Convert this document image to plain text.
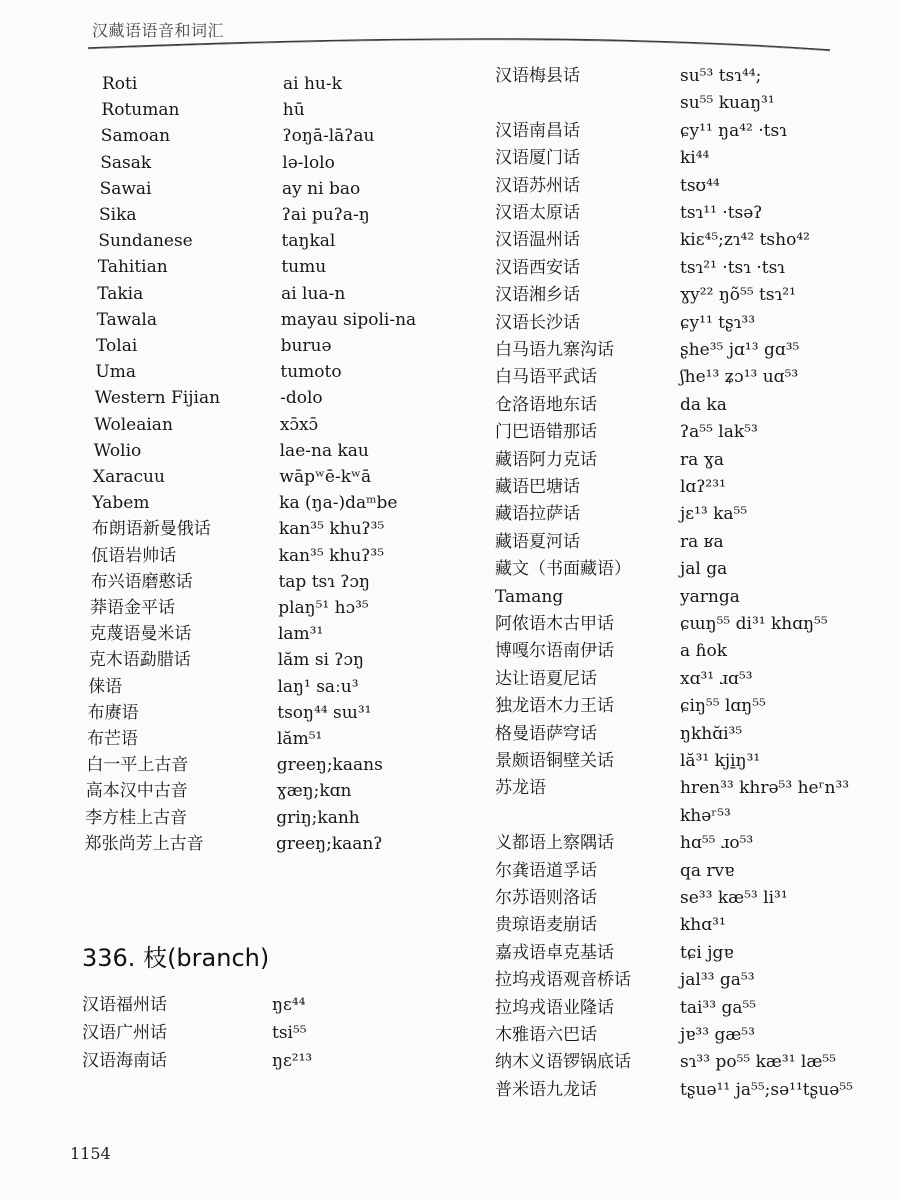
汉藏语语音和词汇
Roti	ai hu-k
Rotuman	hū
Samoan	ʔoŋā-lāʔau
Sasak	lə-lolo
Sawai	ay ni bao
Sika	ʔai puʔa-ŋ
Sundanese	taŋkal
Tahitian	tumu
Takia	ai lua-n
Tawala	mayau sipoli-na
Tolai	buruə
Uma	tumoto
Western Fijian	-dolo
Woleaian	xɔ̄xɔ̄
Wolio	lae-na kau
Xaracuu	wāpʷē-kʷā
Yabem	ka (ŋa-)daᵐbe
布朗语新曼俄话	kan³⁵ khuʔ³⁵
佤语岩帅话	kan³⁵ khuʔ³⁵
布兴语磨憨话	tap tsɿ ʔɔŋ
莽语金平话	plaŋ⁵¹ hɔ³⁵
克蔑语曼米话	lam³¹
克木语勐腊话	lăm si ʔɔŋ
俫语	laŋ¹ saːu³
布赓语	tsoŋ⁴⁴ sɯ³¹
布芒语	lăm⁵¹
白一平上古音	greeŋ;kaans
高本汉中古音	ɣæŋ;kɑn
李方桂上古音	griŋ;kanh
郑张尚芳上古音	greeŋ;kaanʔ
336. 枝(branch)
汉语福州话	ŋɛ⁴⁴
汉语广州话	tsi⁵⁵
汉语海南话	ŋɛ²¹³
汉语梅县话	su⁵³ tsɿ⁴⁴;
su⁵⁵ kuaŋ³¹
汉语南昌话	ɕy¹¹ ŋa⁴² ·tsɿ
汉语厦门话	ki⁴⁴
汉语苏州话	tsʊ⁴⁴
汉语太原话	tsɿ¹¹ ·tsəʔ
汉语温州话	kiɛ⁴⁵;zɿ⁴² tsho⁴²
汉语西安话	tsɿ²¹ ·tsɿ ·tsɿ
汉语湘乡话	ɣy²² ŋõ⁵⁵ tsɿ²¹
汉语长沙话	ɕy¹¹ tʂɿ³³
白马语九寨沟话	ʂhe³⁵ jɑ¹³ gɑ³⁵
白马语平武话	ʃhe¹³ ʑɔ¹³ uɑ⁵³
仓洛语地东话	da ka
门巴语错那话	ʔa⁵⁵ lak⁵³
藏语阿力克话	ra ɣa
藏语巴塘话	lɑʔ²³¹
藏语拉萨话	jɛ¹³ ka⁵⁵
藏语夏河话	ra ʁa
藏文（书面藏语）	jal ga
Tamang	yarnga
阿侬语木古甲话	ɕɯŋ⁵⁵ di³¹ khɑŋ⁵⁵
博嘎尔语南伊话	a ɦok
达让语夏尼话	xɑ³¹ ɹɑ⁵³
独龙语木力王话	ɕiŋ⁵⁵ lɑŋ⁵⁵
格曼语萨穹话	ŋkhɑ̆i³⁵
景颇语铜壁关话	lă³¹ kji̱ŋ³¹
苏龙语	hren³³ khrə⁵³ heʳn³³
khəʳ⁵³
义都语上察隅话	hɑ⁵⁵ ɹo⁵³
尔龚语道孚话	qa rvɐ
尔苏语则洛话	se³³ kæ⁵³ li³¹
贵琼语麦崩话	khɑ³¹
嘉戎语卓克基话	tɕi jgɐ
拉坞戎语观音桥话	jal³³ ga⁵³
拉坞戎语业隆话	tai³³ ga⁵⁵
木雅语六巴话	jɐ³³ gæ⁵³
纳木义语锣锅底话	sɿ³³ po⁵⁵ kæ³¹ læ⁵⁵
普米语九龙话	tʂuə¹¹ ja⁵⁵;sə¹¹tʂuə⁵⁵
1154
